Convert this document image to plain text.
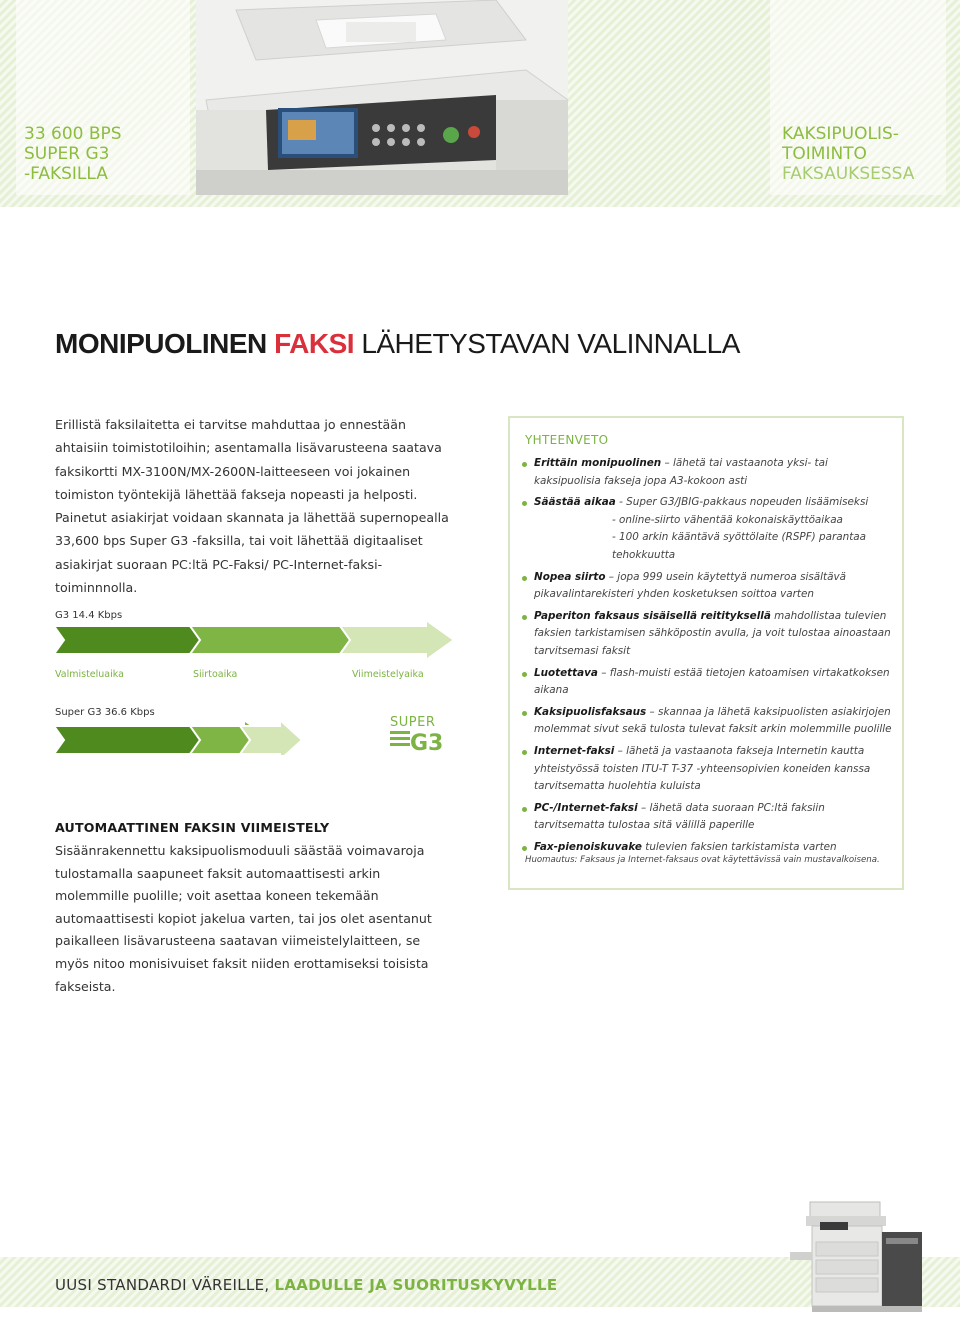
33 600 BPS
SUPER G3
-FAKSILLA
KAKSIPUOLIS-
TOIMINTO
FAKSAUKSESSA
MONIPUOLINEN FAKSI LÄHETYSTAVAN VALINNALLA
Erillistä faksilaitetta ei tarvitse mahduttaa jo ennestään ahtaisiin toimistotiloihin; asentamalla lisävarusteena saatava faksikortti MX-3100N/MX-2600N-laitteeseen voi jokainen toimiston työntekijä lähettää fakseja nopeasti ja helposti. Painetut asiakirjat voidaan skannata ja lähettää supernopealla 33,600 bps Super G3 -faksilla, tai voit lähettää digitaaliset asiakirjat suoraan PC:ltä PC-Faksi/ PC-Internet-faksi- toiminnnolla.
G3 14.4 Kbps
Valmisteluaika	Siirtoaika	Viimeistelyaika
Super G3 36.6 Kbps
SUPER
G3
AUTOMAATTINEN FAKSIN VIIMEISTELY
Sisäänrakennettu kaksipuolismoduuli säästää voimavaroja tulostamalla saapuneet faksit automaattisesti arkin molemmille puolille; voit asettaa koneen tekemään automaattisesti kopiot jakelua varten, tai jos olet asentanut paikalleen lisävarusteena saatavan viimeistelylaitteen, se myös nitoo monisivuiset faksit niiden erottamiseksi toisista fakseista.
YHTEENVETO
Erittäin monipuolinen – lähetä tai vastaanota yksi- tai kaksipuolisia faksejа jopa A3-kokoon asti
Säästää aikaa - Super G3/JBIG-pakkaus nopeuden lisäämiseksi
- online-siirto vähentää kokonaiskäyttöaikaa
- 100 arkin kääntävä syöttölaite (RSPF) parantaa tehokkuutta
Nopea siirto – jopa 999 usein käytettyä numeroa sisältävä pikavalintarekisteri yhden kosketuksen soittoa varten
Paperiton faksaus sisäisellä reitityksellä mahdollistaa tulevien faksien tarkistamisen sähköpostin avulla, ja voit tulostaa ainoastaan tarvitsemasi faksit
Luotettava – flash-muisti estää tietojen katoamisen virtakatkoksen aikana
Kaksipuolisfaksaus – skannaa ja lähetä kaksipuolisten asiakirjojen molemmat sivut sekä tulosta tulevat faksit arkin molemmille puolille
Internet-faksi – lähetä ja vastaanota fakseja Internetin kautta yhteistyössä toisten ITU-T T-37 -yhteensopivien koneiden kanssa tarvitsematta huolehtia kuluista
PC-/Internet-faksi – lähetä data suoraan PC:ltä faksiin tarvitsematta tulostaa sitä välillä paperille
Fax-pienoiskuvake tulevien faksien tarkistamista varten
Huomautus: Faksaus ja Internet-faksaus ovat käytettävissä vain mustavalkoisena.
UUSI STANDARDI VÄREILLE, LAADULLE JA SUORITUSKYVYLLE
